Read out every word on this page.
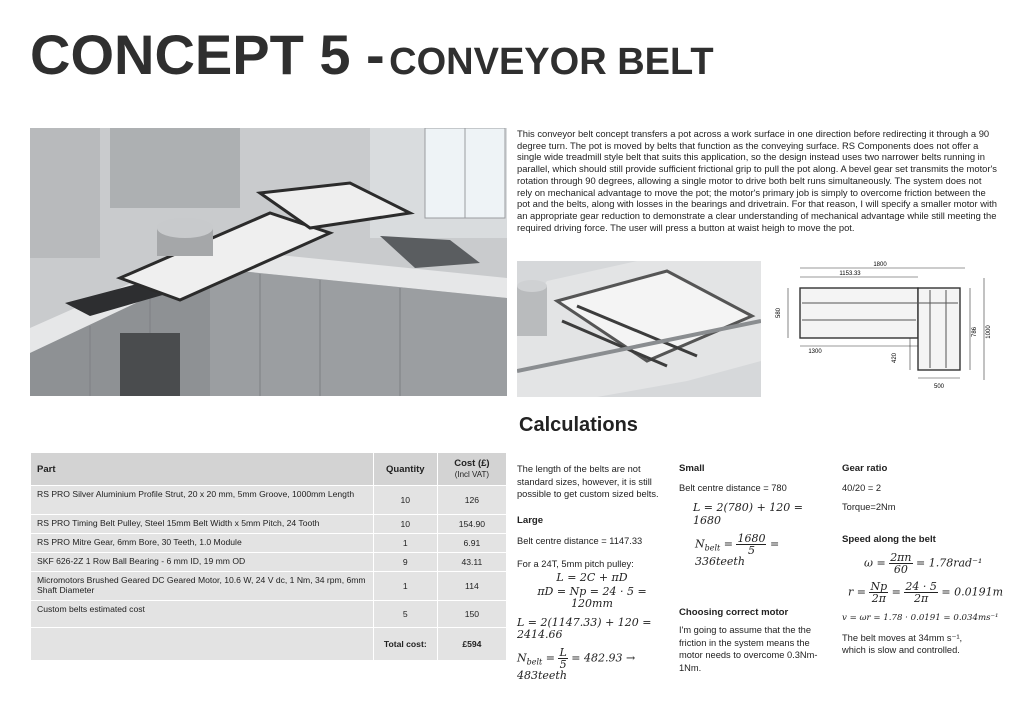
CONCEPT 5 - CONVEYOR BELT
This conveyor belt concept transfers a pot across a work surface in one direction before redirecting it through a 90 degree turn. The pot is moved by belts that function as the conveying surface. RS Components does not offer a single wide treadmill style belt that suits this application, so the design instead uses two narrower belts running in parallel, which should still provide sufficient frictional grip to pull the pot along. A bevel gear set transmits the motor's rotation through 90 degrees, allowing a single motor to drive both belt runs simultaneously. The system does not rely on mechanical advantage to move the pot; the motor's primary job is simply to overcome friction between the pot and the belts, along with losses in the bearings and drivetrain. For that reason, I will specify a smaller motor with an appropriate gear reduction to demonstrate a clear understanding of mechanical advantage while still meeting the required driving force. The user will press a button at waist heigh to move the pot.
1800
1153.33
580
786 1000
1300
420
500
Calculations
Part	Quantity	Cost (£)
(Incl VAT)
RS PRO Silver Aluminium Profile Strut, 20 x 20 mm, 5mm Groove, 1000mm Length	10	126
RS PRO Timing Belt Pulley, Steel 15mm Belt Width x 5mm Pitch, 24 Tooth	10	154.90
RS PRO Mitre Gear, 6mm Bore, 30 Teeth, 1.0 Module	1	6.91
SKF 626-2Z 1 Row Ball Bearing - 6 mm ID, 19 mm OD	9	43.11
Micromotors Brushed Geared DC Geared Motor, 10.6 W, 24 V dc, 1 Nm, 34 rpm, 6mm Shaft Diameter	1	114
Custom belts estimated cost	5	150
	Total cost:	£594
The length of the belts are not standard sizes, however, it is still possible to get custom sized belts.
Large
Belt centre distance = 1147.33
For a 24T, 5mm pitch pulley:
L = 2C + πD
πD = Np = 24 · 5 = 120mm
L = 2(1147.33) + 120 = 2414.66
$N_{belt} = \frac{L}{5} = 482.93$ → 483teeth
Small
Belt centre distance = 780
L = 2(780) + 120 = 1680
$N_{belt} = \frac{1680}{5}$ = 336teeth
Choosing correct motor
I'm going to assume that the the friction in the system means the motor needs to overcome 0.3Nm-1Nm.
Gear ratio
40/20 = 2
Torque=2Nm
Speed along the belt
$\omega = \frac{2\pi n}{60} = 1.78rad^{-1}$
$r = \frac{Np}{2\pi} = \frac{24 \cdot 5}{2\pi} = 0.0191m$
v = ωr = 1.78 · 0.0191 = 0.034ms⁻¹
The belt moves at 34mm s⁻¹, which is slow and controlled.
